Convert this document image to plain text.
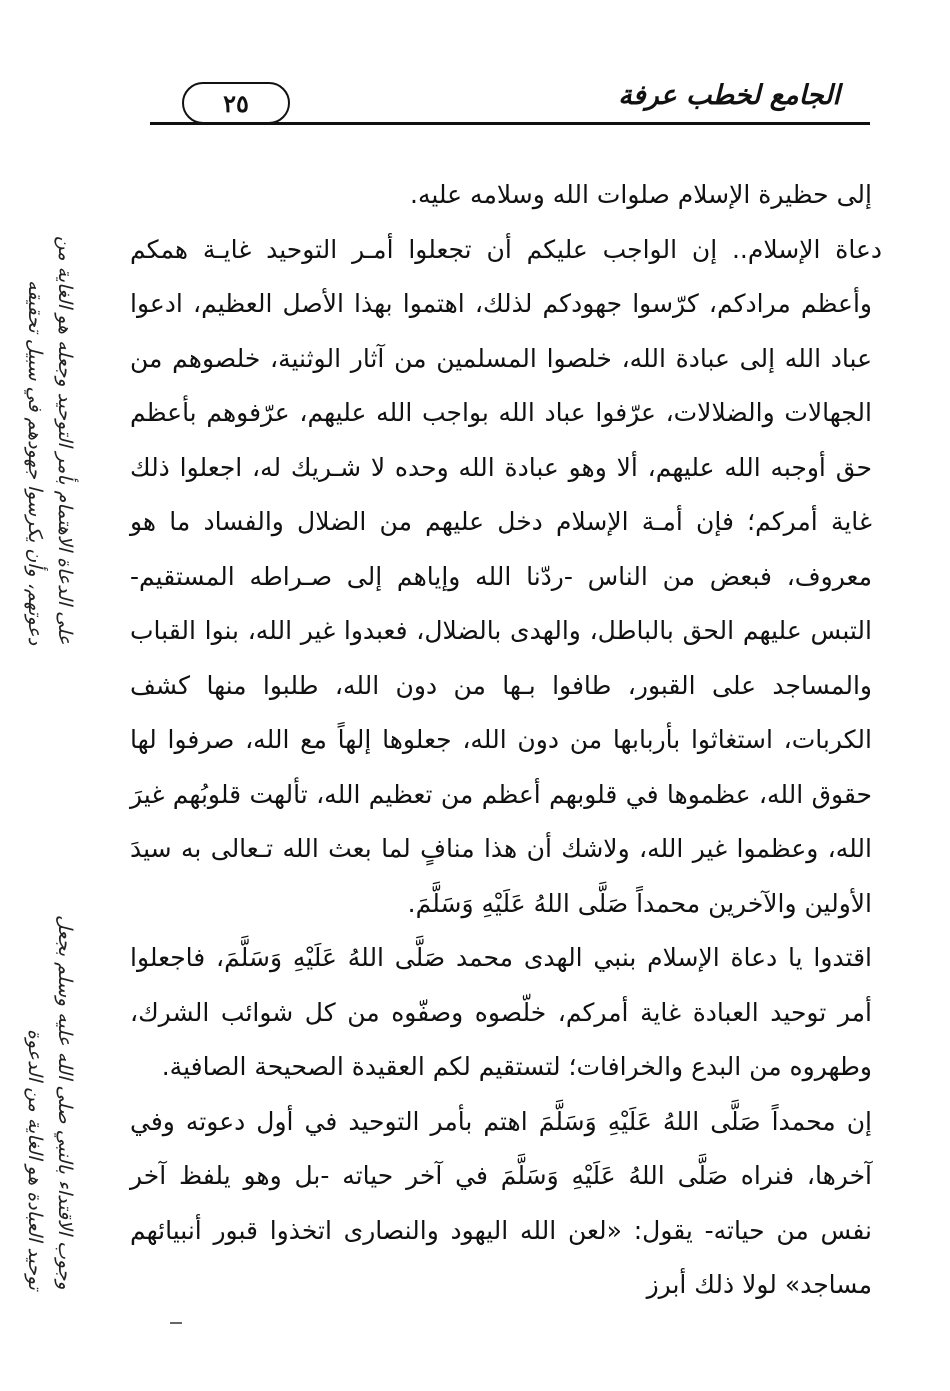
الجامع لخطب عرفة
٢٥

إلى حظيرة الإسلام صلوات الله وسلامه عليه.

دعاة الإسلام.. إن الواجب عليكم أن تجعلوا أمـر التوحيد غايـة همكم وأعظم مرادكم، كرّسوا جهودكم لذلك، اهتموا بهذا الأصل العظيم، ادعوا عباد الله إلى عبادة الله، خلصوا المسلمين من آثار الوثنية، خلصوهم من الجهالات والضلالات، عرّفوا عباد الله بواجب الله عليهم، عرّفوهم بأعظم حق أوجبه الله عليهم، ألا وهو عبادة الله وحده لا شـريك له، اجعلوا ذلك غاية أمركم؛ فإن أمـة الإسلام دخل عليهم من الضلال والفساد ما هو معروف، فبعض من الناس -ردّنا الله وإياهم إلى صـراطه المستقيم- التبس عليهم الحق بالباطل، والهدى بالضلال، فعبدوا غير الله، بنوا القباب والمساجد على القبور، طافوا بـها من دون الله، طلبوا منها كشف الكربات، استغاثوا بأربابها من دون الله، جعلوها إلهاً مع الله، صرفوا لها حقوق الله، عظموها في قلوبهم أعظم من تعظيم الله، تألهت قلوبُهم غيرَ الله، وعظموا غير الله، ولاشك أن هذا منافٍ لما بعث الله تـعالى به سيدَ الأولين والآخرين محمداً صَلَّى اللهُ عَلَيْهِ وَسَلَّمَ.

اقتدوا يا دعاة الإسلام بنبي الهدى محمد صَلَّى اللهُ عَلَيْهِ وَسَلَّمَ، فاجعلوا أمر توحيد العبادة غاية أمركم، خلّصوه وصفّوه من كل شوائب الشرك، وطهروه من البدع والخرافات؛ لتستقيم لكم العقيدة الصحيحة الصافية.

إن محمداً صَلَّى اللهُ عَلَيْهِ وَسَلَّمَ اهتم بأمر التوحيد في أول دعوته وفي آخرها، فنراه صَلَّى اللهُ عَلَيْهِ وَسَلَّمَ في آخر حياته -بل وهو يلفظ آخر نفس من حياته- يقول: «لعن الله اليهود والنصارى اتخذوا قبور أنبيائهم مساجد» لولا ذلك أبرز

على الدعاة الاهتمام بأمر التوحيد وجعله هو الغاية من دعوتهم، وأن يكرسوا جهودهم في سبيل تحقيقه
وجوب الاقتداء بالنبي صلى الله عليه وسلم بجعل توحيد العبادة هو الغاية من الدعوة
